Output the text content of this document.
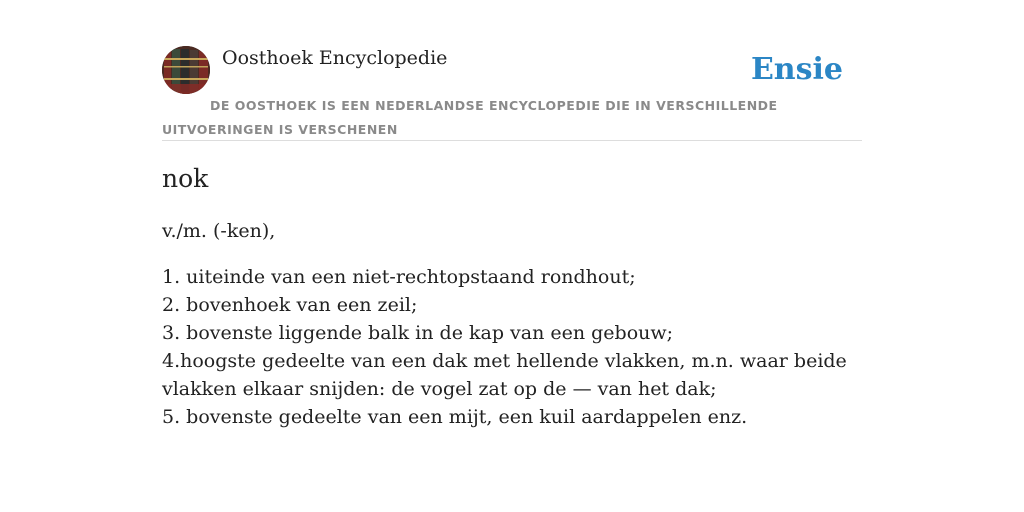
Oosthoek Encyclopedie	Ensie
DE OOSTHOEK IS EEN NEDERLANDSE ENCYCLOPEDIE DIE IN VERSCHILLENDE UITVOERINGEN IS VERSCHENEN
nok
v./m. (-ken),
1. uiteinde van een niet-rechtopstaand rondhout;
2. bovenhoek van een zeil;
3. bovenste liggende balk in de kap van een gebouw;
4.hoogste gedeelte van een dak met hellende vlakken, m.n. waar beide vlakken elkaar snijden: de vogel zat op de — van het dak;
5. bovenste gedeelte van een mijt, een kuil aardappelen enz.
